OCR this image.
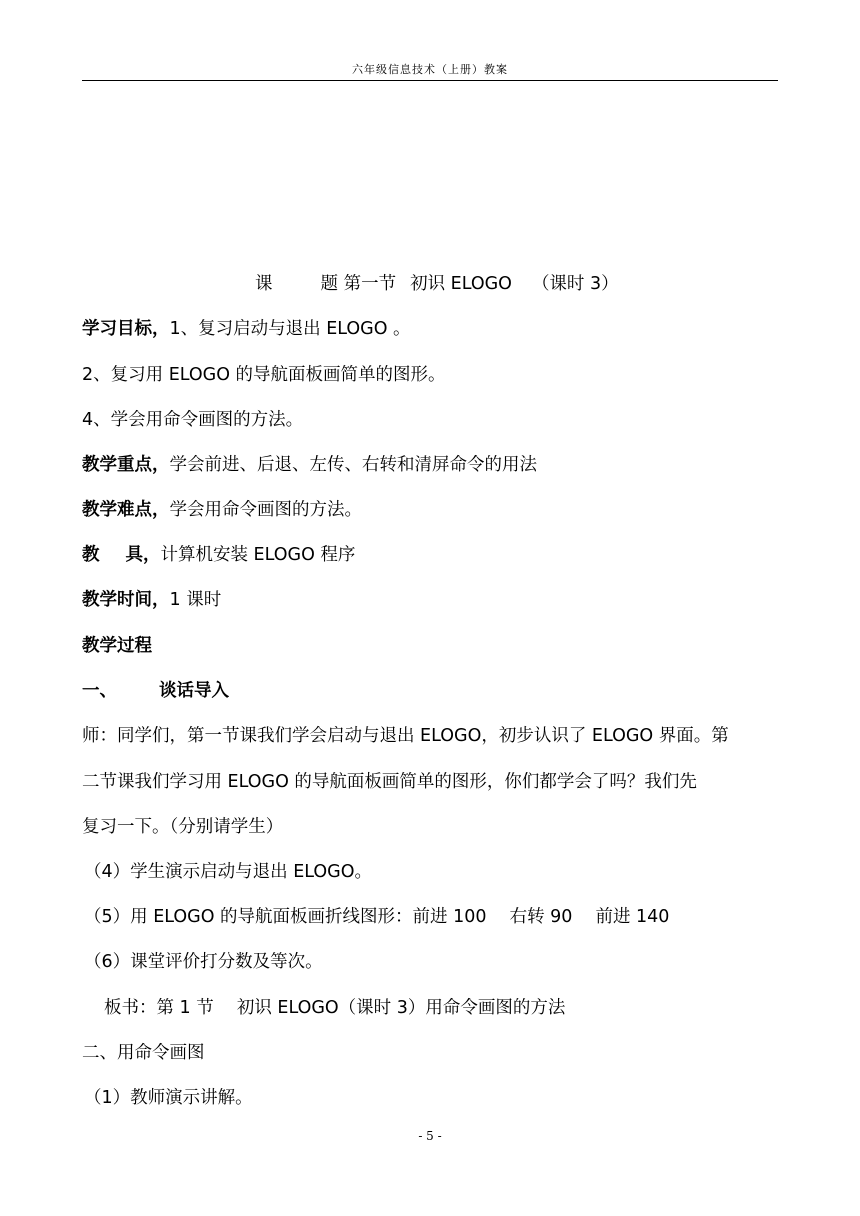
六年级信息技术（上册）教案
课	题 第一节 初识 ELOGO （课时 3）
学习目标，1、复习启动与退出 ELOGO 。
2、复习用 ELOGO 的导航面板画简单的图形。
4、学会用命令画图的方法。
教学重点，学会前进、后退、左传、右转和清屏命令的用法
教学难点，学会用命令画图的方法。
教 具，计算机安装 ELOGO 程序
教学时间，1 课时
教学过程
一、 谈话导入
师：同学们，第一节课我们学会启动与退出 ELOGO，初步认识了 ELOGO 界面。第
二节课我们学习用 ELOGO 的导航面板画简单的图形，你们都学会了吗？我们先
复习一下。（分别请学生）
（4）学生演示启动与退出 ELOGO。
（5）用 ELOGO 的导航面板画折线图形：前进 100　 右转 90　 前进 140
（6）课堂评价打分数及等次。
板书：第 1 节　 初识 ELOGO（课时 3）用命令画图的方法
二、用命令画图
（1）教师演示讲解。
- 5 -
